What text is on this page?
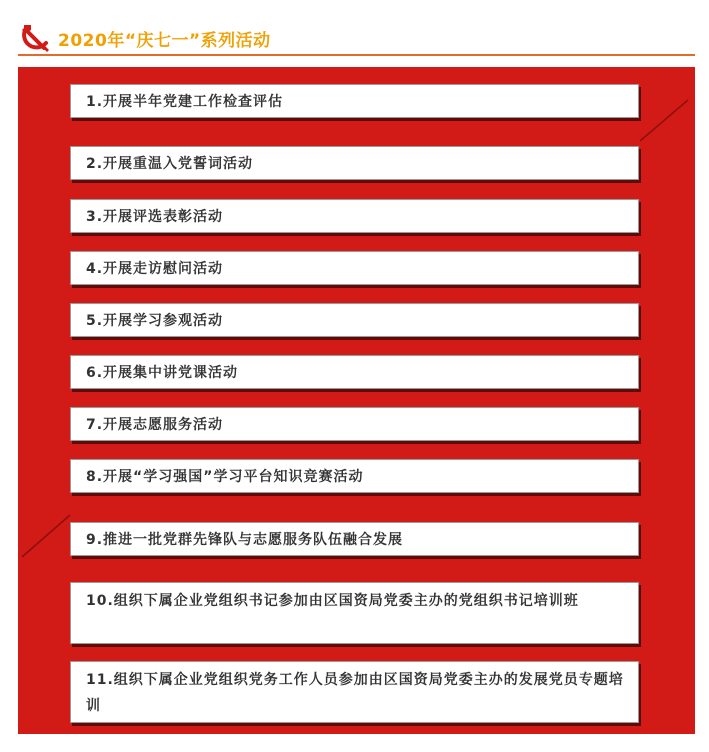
2020年“庆七一”系列活动
1.开展半年党建工作检查评估
2.开展重温入党誓词活动
3.开展评选表彰活动
4.开展走访慰问活动
5.开展学习参观活动
6.开展集中讲党课活动
7.开展志愿服务活动
8.开展“学习强国”学习平台知识竞赛活动
9.推进一批党群先锋队与志愿服务队伍融合发展
10.组织下属企业党组织书记参加由区国资局党委主办的党组织书记培训班
11.组织下属企业党组织党务工作人员参加由区国资局党委主办的发展党员专题培训
